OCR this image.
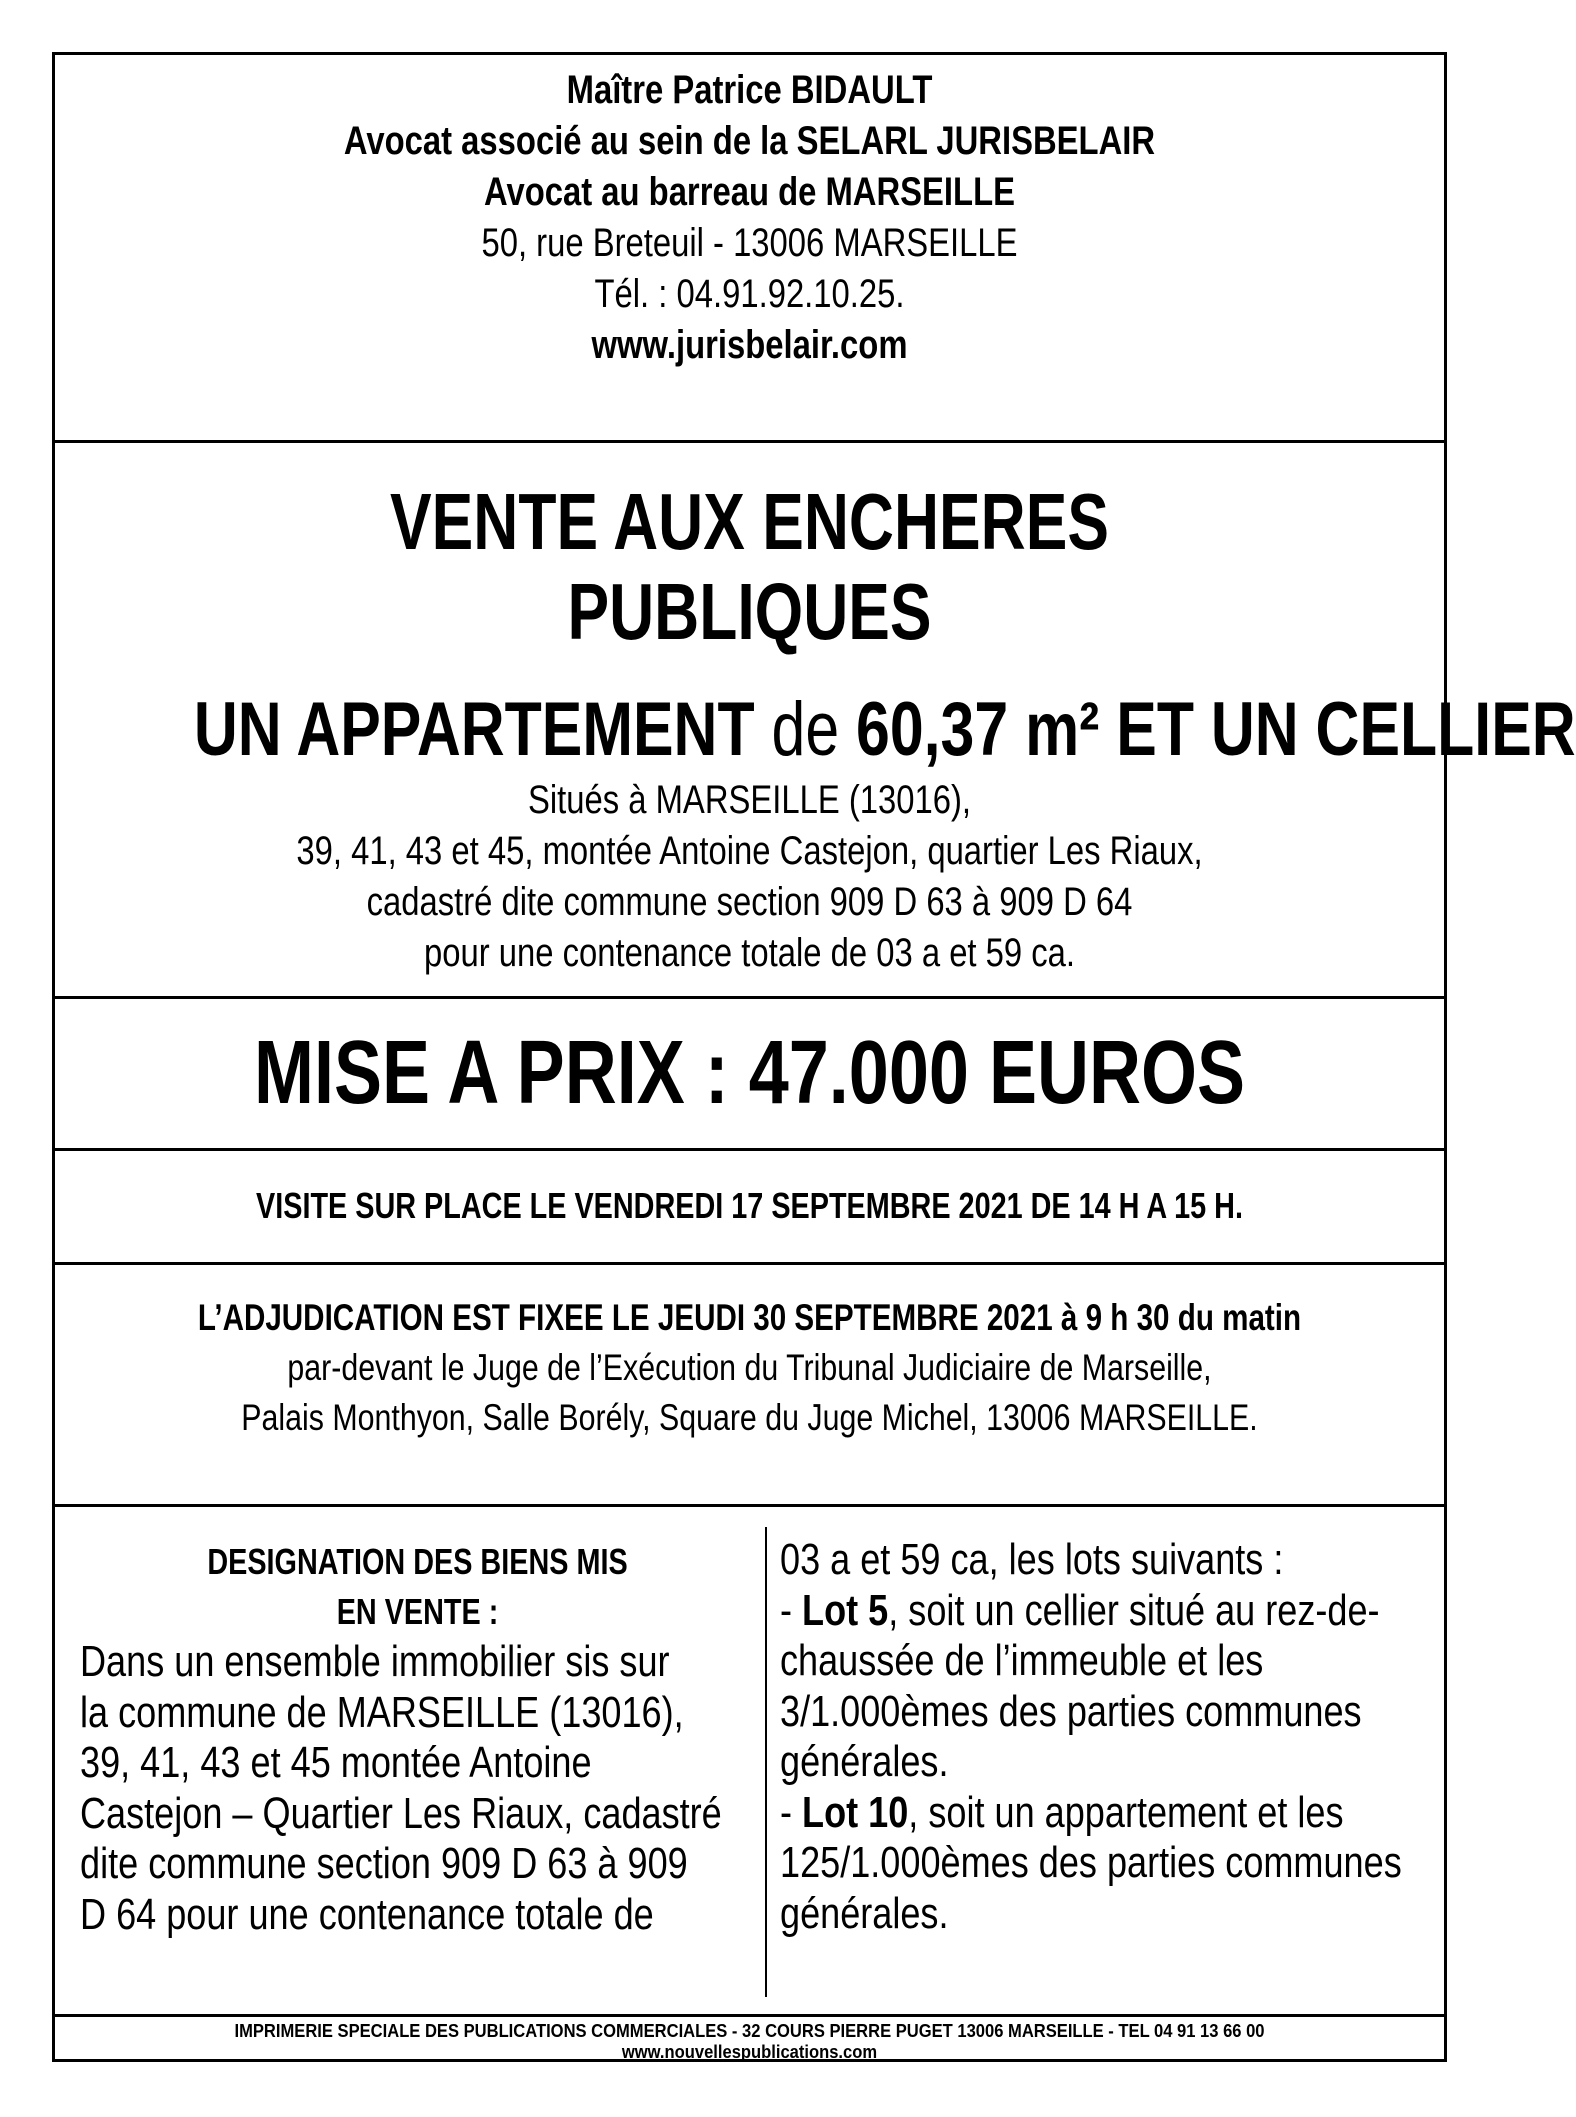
Maître Patrice BIDAULT
Avocat associé au sein de la SELARL JURISBELAIR
Avocat au barreau de MARSEILLE
50, rue Breteuil - 13006 MARSEILLE
Tél. : 04.91.92.10.25.
www.jurisbelair.com
VENTE AUX ENCHERES PUBLIQUES
UN APPARTEMENT de 60,37 m² ET UN CELLIER
Situés à MARSEILLE (13016),
39, 41, 43 et 45, montée Antoine Castejon, quartier Les Riaux,
cadastré dite commune section 909 D 63 à 909 D 64
pour une contenance totale de 03 a et 59 ca.
MISE A PRIX : 47.000 EUROS
VISITE SUR PLACE LE VENDREDI 17 SEPTEMBRE 2021 DE 14 H A 15 H.
L’ADJUDICATION EST FIXEE LE JEUDI 30 SEPTEMBRE 2021 à 9 h 30 du matin
par-devant le Juge de l’Exécution du Tribunal Judiciaire de Marseille,
Palais Monthyon, Salle Borély, Square du Juge Michel, 13006 MARSEILLE.
DESIGNATION DES BIENS MIS
EN VENTE :
Dans un ensemble immobilier sis sur
la commune de MARSEILLE (13016),
39, 41, 43 et 45 montée Antoine
Castejon – Quartier Les Riaux, cadastré
dite commune section 909 D 63 à 909
D 64 pour une contenance totale de
03 a et 59 ca, les lots suivants :
- Lot 5, soit un cellier situé au rez-de-
chaussée de l’immeuble et les
3/1.000èmes des parties communes
générales.
- Lot 10, soit un appartement et les
125/1.000èmes des parties communes
générales.
IMPRIMERIE SPECIALE DES PUBLICATIONS COMMERCIALES - 32 COURS PIERRE PUGET 13006 MARSEILLE - TEL 04 91 13 66 00
www.nouvellespublications.com
